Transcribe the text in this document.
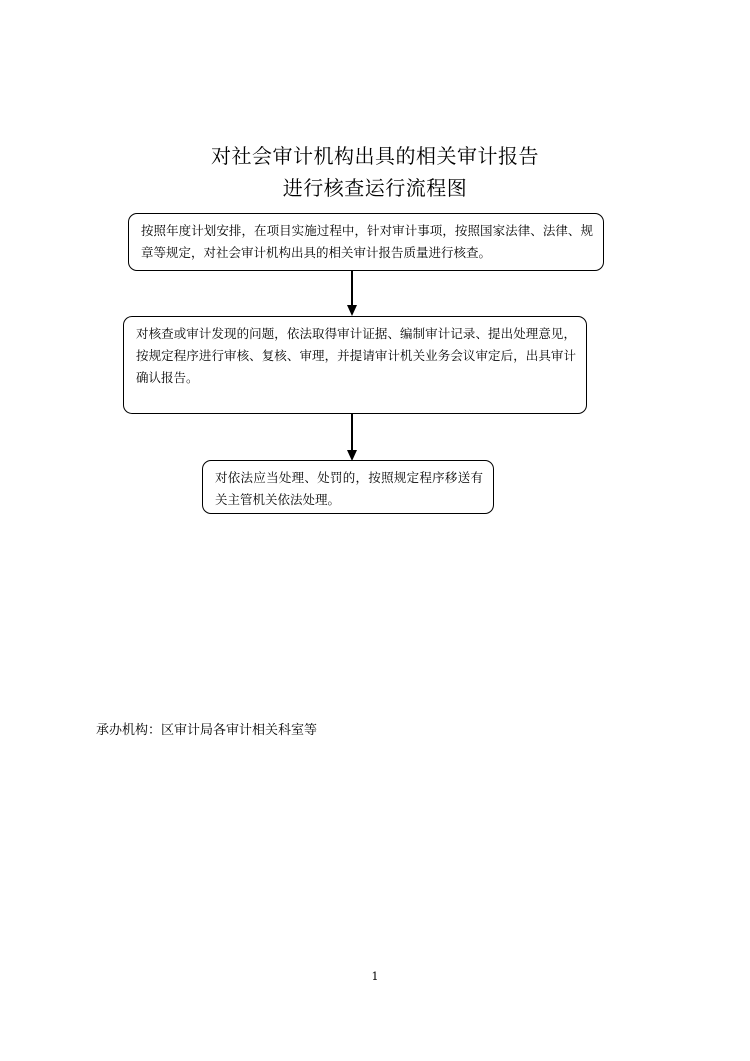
对社会审计机构出具的相关审计报告
进行核查运行流程图
按照年度计划安排，在项目实施过程中，针对审计事项，按照国家法律、法律、规章等规定，对社会审计机构出具的相关审计报告质量进行核查。
对核查或审计发现的问题，依法取得审计证据、编制审计记录、提出处理意见，按规定程序进行审核、复核、审理，并提请审计机关业务会议审定后，出具审计确认报告。
对依法应当处理、处罚的，按照规定程序移送有关主管机关依法处理。
承办机构：区审计局各审计相关科室等
1
